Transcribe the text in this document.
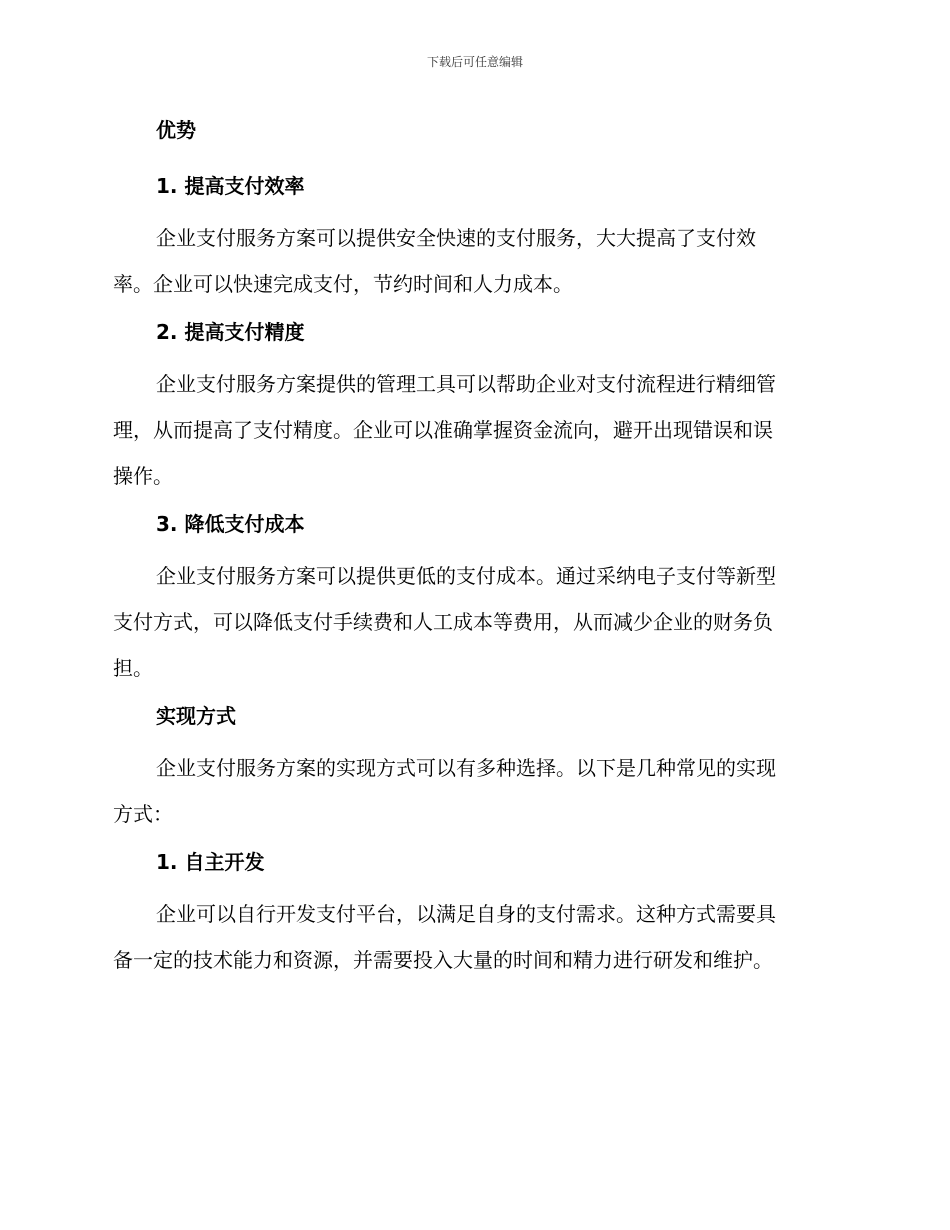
下载后可任意编辑
优势
1. 提高支付效率

企业支付服务方案可以提供安全快速的支付服务，大大提高了支付效
率。企业可以快速完成支付，节约时间和人力成本。

2. 提高支付精度

企业支付服务方案提供的管理工具可以帮助企业对支付流程进行精细管
理，从而提高了支付精度。企业可以准确掌握资金流向，避开出现错误和误
操作。

3. 降低支付成本

企业支付服务方案可以提供更低的支付成本。通过采纳电子支付等新型
支付方式，可以降低支付手续费和人工成本等费用，从而减少企业的财务负
担。

实现方式

企业支付服务方案的实现方式可以有多种选择。以下是几种常见的实现
方式：

1. 自主开发

企业可以自行开发支付平台，以满足自身的支付需求。这种方式需要具
备一定的技术能力和资源，并需要投入大量的时间和精力进行研发和维护。
